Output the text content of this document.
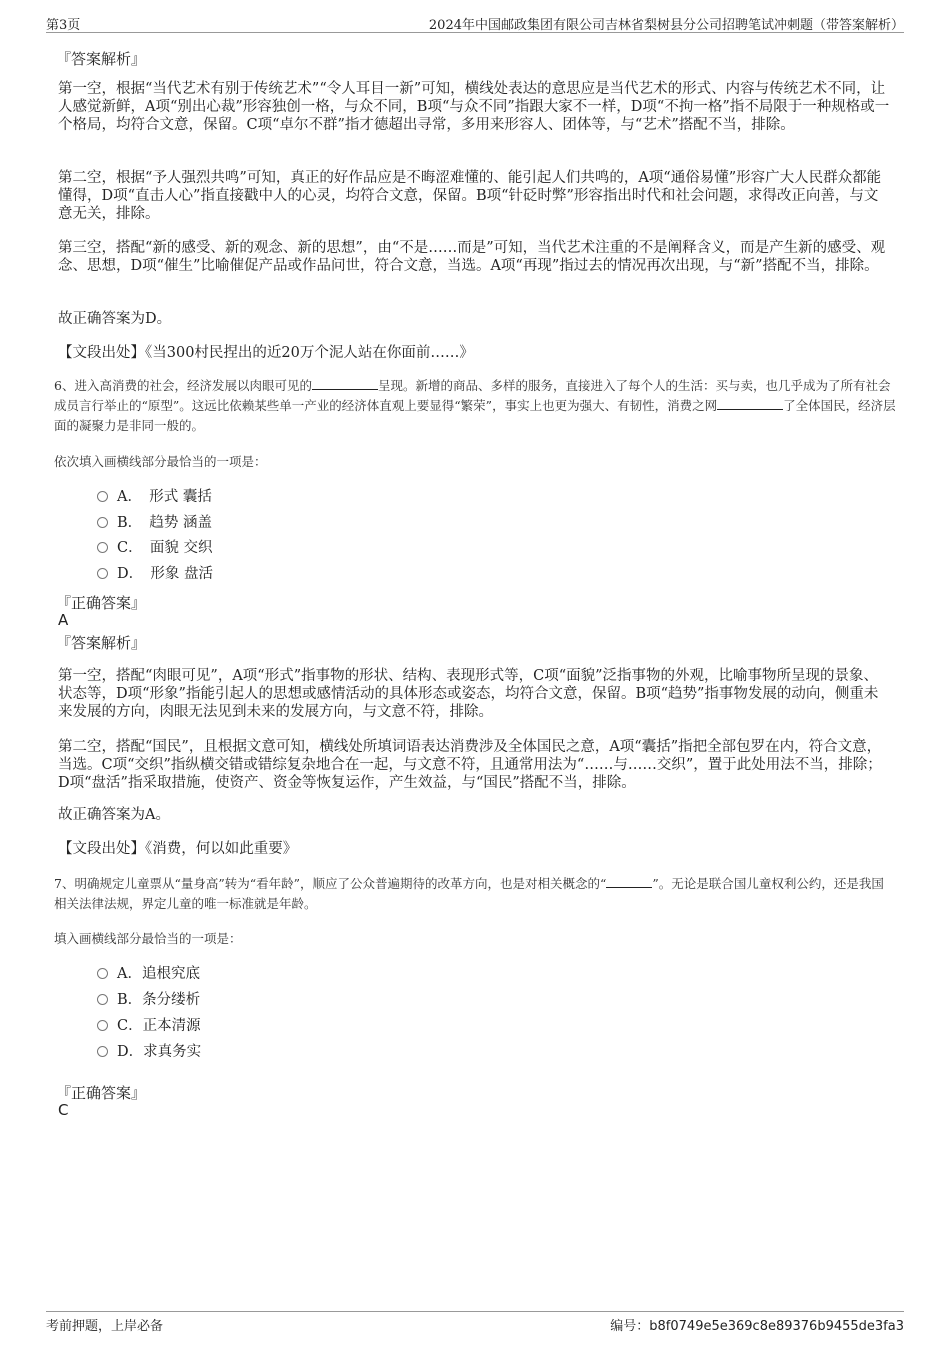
第3页	2024年中国邮政集团有限公司吉林省梨树县分公司招聘笔试冲刺题（带答案解析）
『答案解析』
第一空，根据“当代艺术有别于传统艺术”“令人耳目一新”可知，横线处表达的意思应是当代艺术的形式、内容与传统艺术不同，让人感觉新鲜，A项“别出心裁”形容独创一格，与众不同，B项“与众不同”指跟大家不一样，D项“不拘一格”指不局限于一种规格或一个格局，均符合文意，保留。C项“卓尔不群”指才德超出寻常，多用来形容人、团体等，与“艺术”搭配不当，排除。
第二空，根据“予人强烈共鸣”可知，真正的好作品应是不晦涩难懂的、能引起人们共鸣的，A项“通俗易懂”形容广大人民群众都能懂得，D项“直击人心”指直接戳中人的心灵，均符合文意，保留。B项“针砭时弊”形容指出时代和社会问题，求得改正向善，与文意无关，排除。
第三空，搭配“新的感受、新的观念、新的思想”，由“不是……而是”可知，当代艺术注重的不是阐释含义，而是产生新的感受、观念、思想，D项“催生”比喻催促产品或作品问世，符合文意，当选。A项“再现”指过去的情况再次出现，与“新”搭配不当，排除。
故正确答案为D。
【文段出处】《当300村民捏出的近20万个泥人站在你面前……》
6、进入高消费的社会，经济发展以肉眼可见的	呈现。新增的商品、多样的服务，直接进入了每个人的生活：买与卖，也几乎成为了所有社会成员言行举止的“原型”。这远比依赖某些单一产业的经济体直观上要显得“繁荣”，事实上也更为强大、有韧性，消费之网	了全体国民，经济层面的凝聚力是非同一般的。
依次填入画横线部分最恰当的一项是：
A．　形式 囊括
B．　趋势 涵盖
C．　面貌 交织
D．　形象 盘活
『正确答案』
A
『答案解析』
第一空，搭配“肉眼可见”，A项“形式”指事物的形状、结构、表现形式等，C项“面貌”泛指事物的外观，比喻事物所呈现的景象、状态等，D项“形象”指能引起人的思想或感情活动的具体形态或姿态，均符合文意，保留。B项“趋势”指事物发展的动向，侧重未来发展的方向，肉眼无法见到未来的发展方向，与文意不符，排除。
第二空，搭配“国民”，且根据文意可知，横线处所填词语表达消费涉及全体国民之意，A项“囊括”指把全部包罗在内，符合文意，当选。C项“交织”指纵横交错或错综复杂地合在一起，与文意不符，且通常用法为“……与……交织”，置于此处用法不当，排除；D项“盘活”指采取措施，使资产、资金等恢复运作，产生效益，与“国民”搭配不当，排除。
故正确答案为A。
【文段出处】《消费，何以如此重要》
7、明确规定儿童票从“量身高”转为“看年龄”，顺应了公众普遍期待的改革方向，也是对相关概念的“	”。无论是联合国儿童权利公约，还是我国相关法律法规，界定儿童的唯一标准就是年龄。
填入画横线部分最恰当的一项是：
A．追根究底
B．条分缕析
C．正本清源
D．求真务实
『正确答案』
C
考前押题，上岸必备	编号：b8f0749e5e369c8e89376b9455de3fa3
